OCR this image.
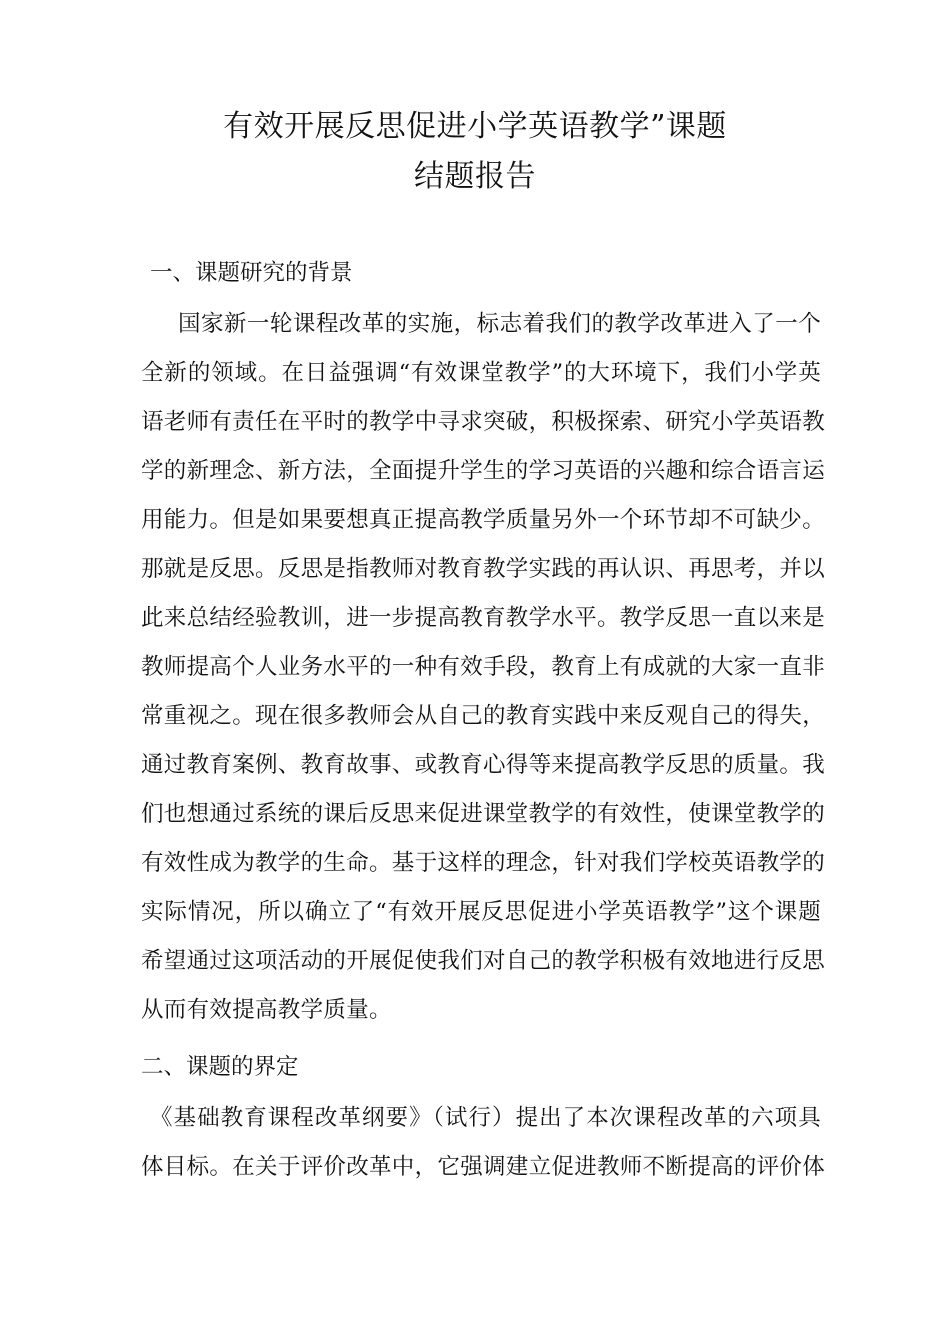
有效开展反思促进小学英语教学”课题
结题报告
一、课题研究的背景
国家新一轮课程改革的实施，标志着我们的教学改革进入了一个
全新的领域。在日益强调“有效课堂教学”的大环境下，我们小学英
语老师有责任在平时的教学中寻求突破，积极探索、研究小学英语教
学的新理念、新方法，全面提升学生的学习英语的兴趣和综合语言运
用能力。但是如果要想真正提高教学质量另外一个环节却不可缺少。
那就是反思。反思是指教师对教育教学实践的再认识、再思考，并以
此来总结经验教训，进一步提高教育教学水平。教学反思一直以来是
教师提高个人业务水平的一种有效手段，教育上有成就的大家一直非
常重视之。现在很多教师会从自己的教育实践中来反观自己的得失，
通过教育案例、教育故事、或教育心得等来提高教学反思的质量。我
们也想通过系统的课后反思来促进课堂教学的有效性，使课堂教学的
有效性成为教学的生命。基于这样的理念，针对我们学校英语教学的
实际情况，所以确立了“有效开展反思促进小学英语教学”这个课题
希望通过这项活动的开展促使我们对自己的教学积极有效地进行反思
从而有效提高教学质量。
二、课题的界定
《基础教育课程改革纲要》（试行）提出了本次课程改革的六项具
体目标。在关于评价改革中，它强调建立促进教师不断提高的评价体
